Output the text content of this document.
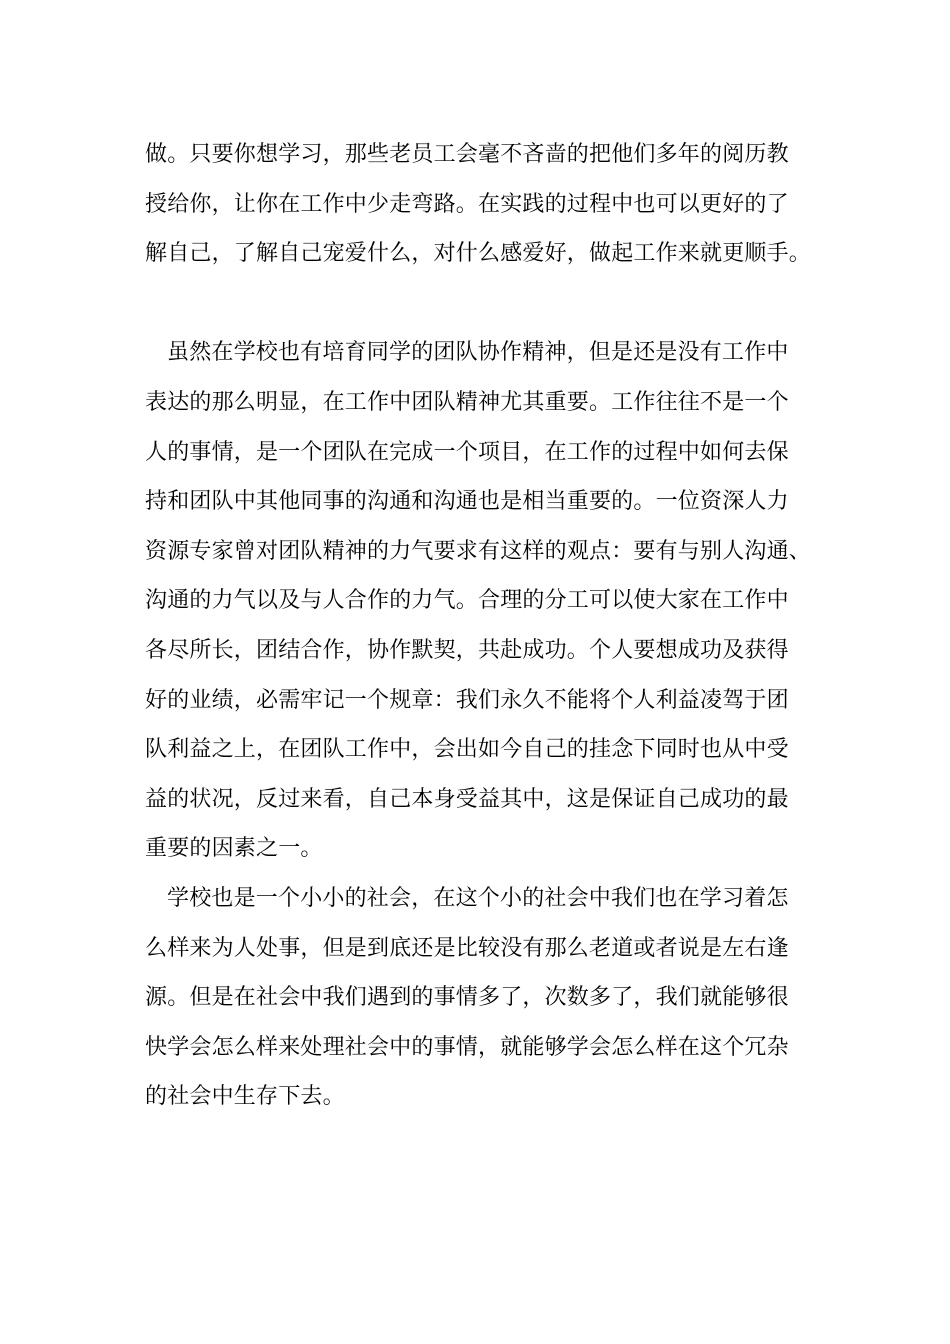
做。只要你想学习，那些老员工会毫不吝啬的把他们多年的阅历教
授给你，让你在工作中少走弯路。在实践的过程中也可以更好的了
解自己，了解自己宠爱什么，对什么感爱好，做起工作来就更顺手。
虽然在学校也有培育同学的团队协作精神，但是还是没有工作中
表达的那么明显，在工作中团队精神尤其重要。工作往往不是一个
人的事情，是一个团队在完成一个项目，在工作的过程中如何去保
持和团队中其他同事的沟通和沟通也是相当重要的。一位资深人力
资源专家曾对团队精神的力气要求有这样的观点：要有与别人沟通、
沟通的力气以及与人合作的力气。合理的分工可以使大家在工作中
各尽所长，团结合作，协作默契，共赴成功。个人要想成功及获得
好的业绩，必需牢记一个规章：我们永久不能将个人利益凌驾于团
队利益之上，在团队工作中，会出如今自己的挂念下同时也从中受
益的状况，反过来看，自己本身受益其中，这是保证自己成功的最
重要的因素之一。
学校也是一个小小的社会，在这个小的社会中我们也在学习着怎
么样来为人处事，但是到底还是比较没有那么老道或者说是左右逢
源。但是在社会中我们遇到的事情多了，次数多了，我们就能够很
快学会怎么样来处理社会中的事情，就能够学会怎么样在这个冗杂
的社会中生存下去。
